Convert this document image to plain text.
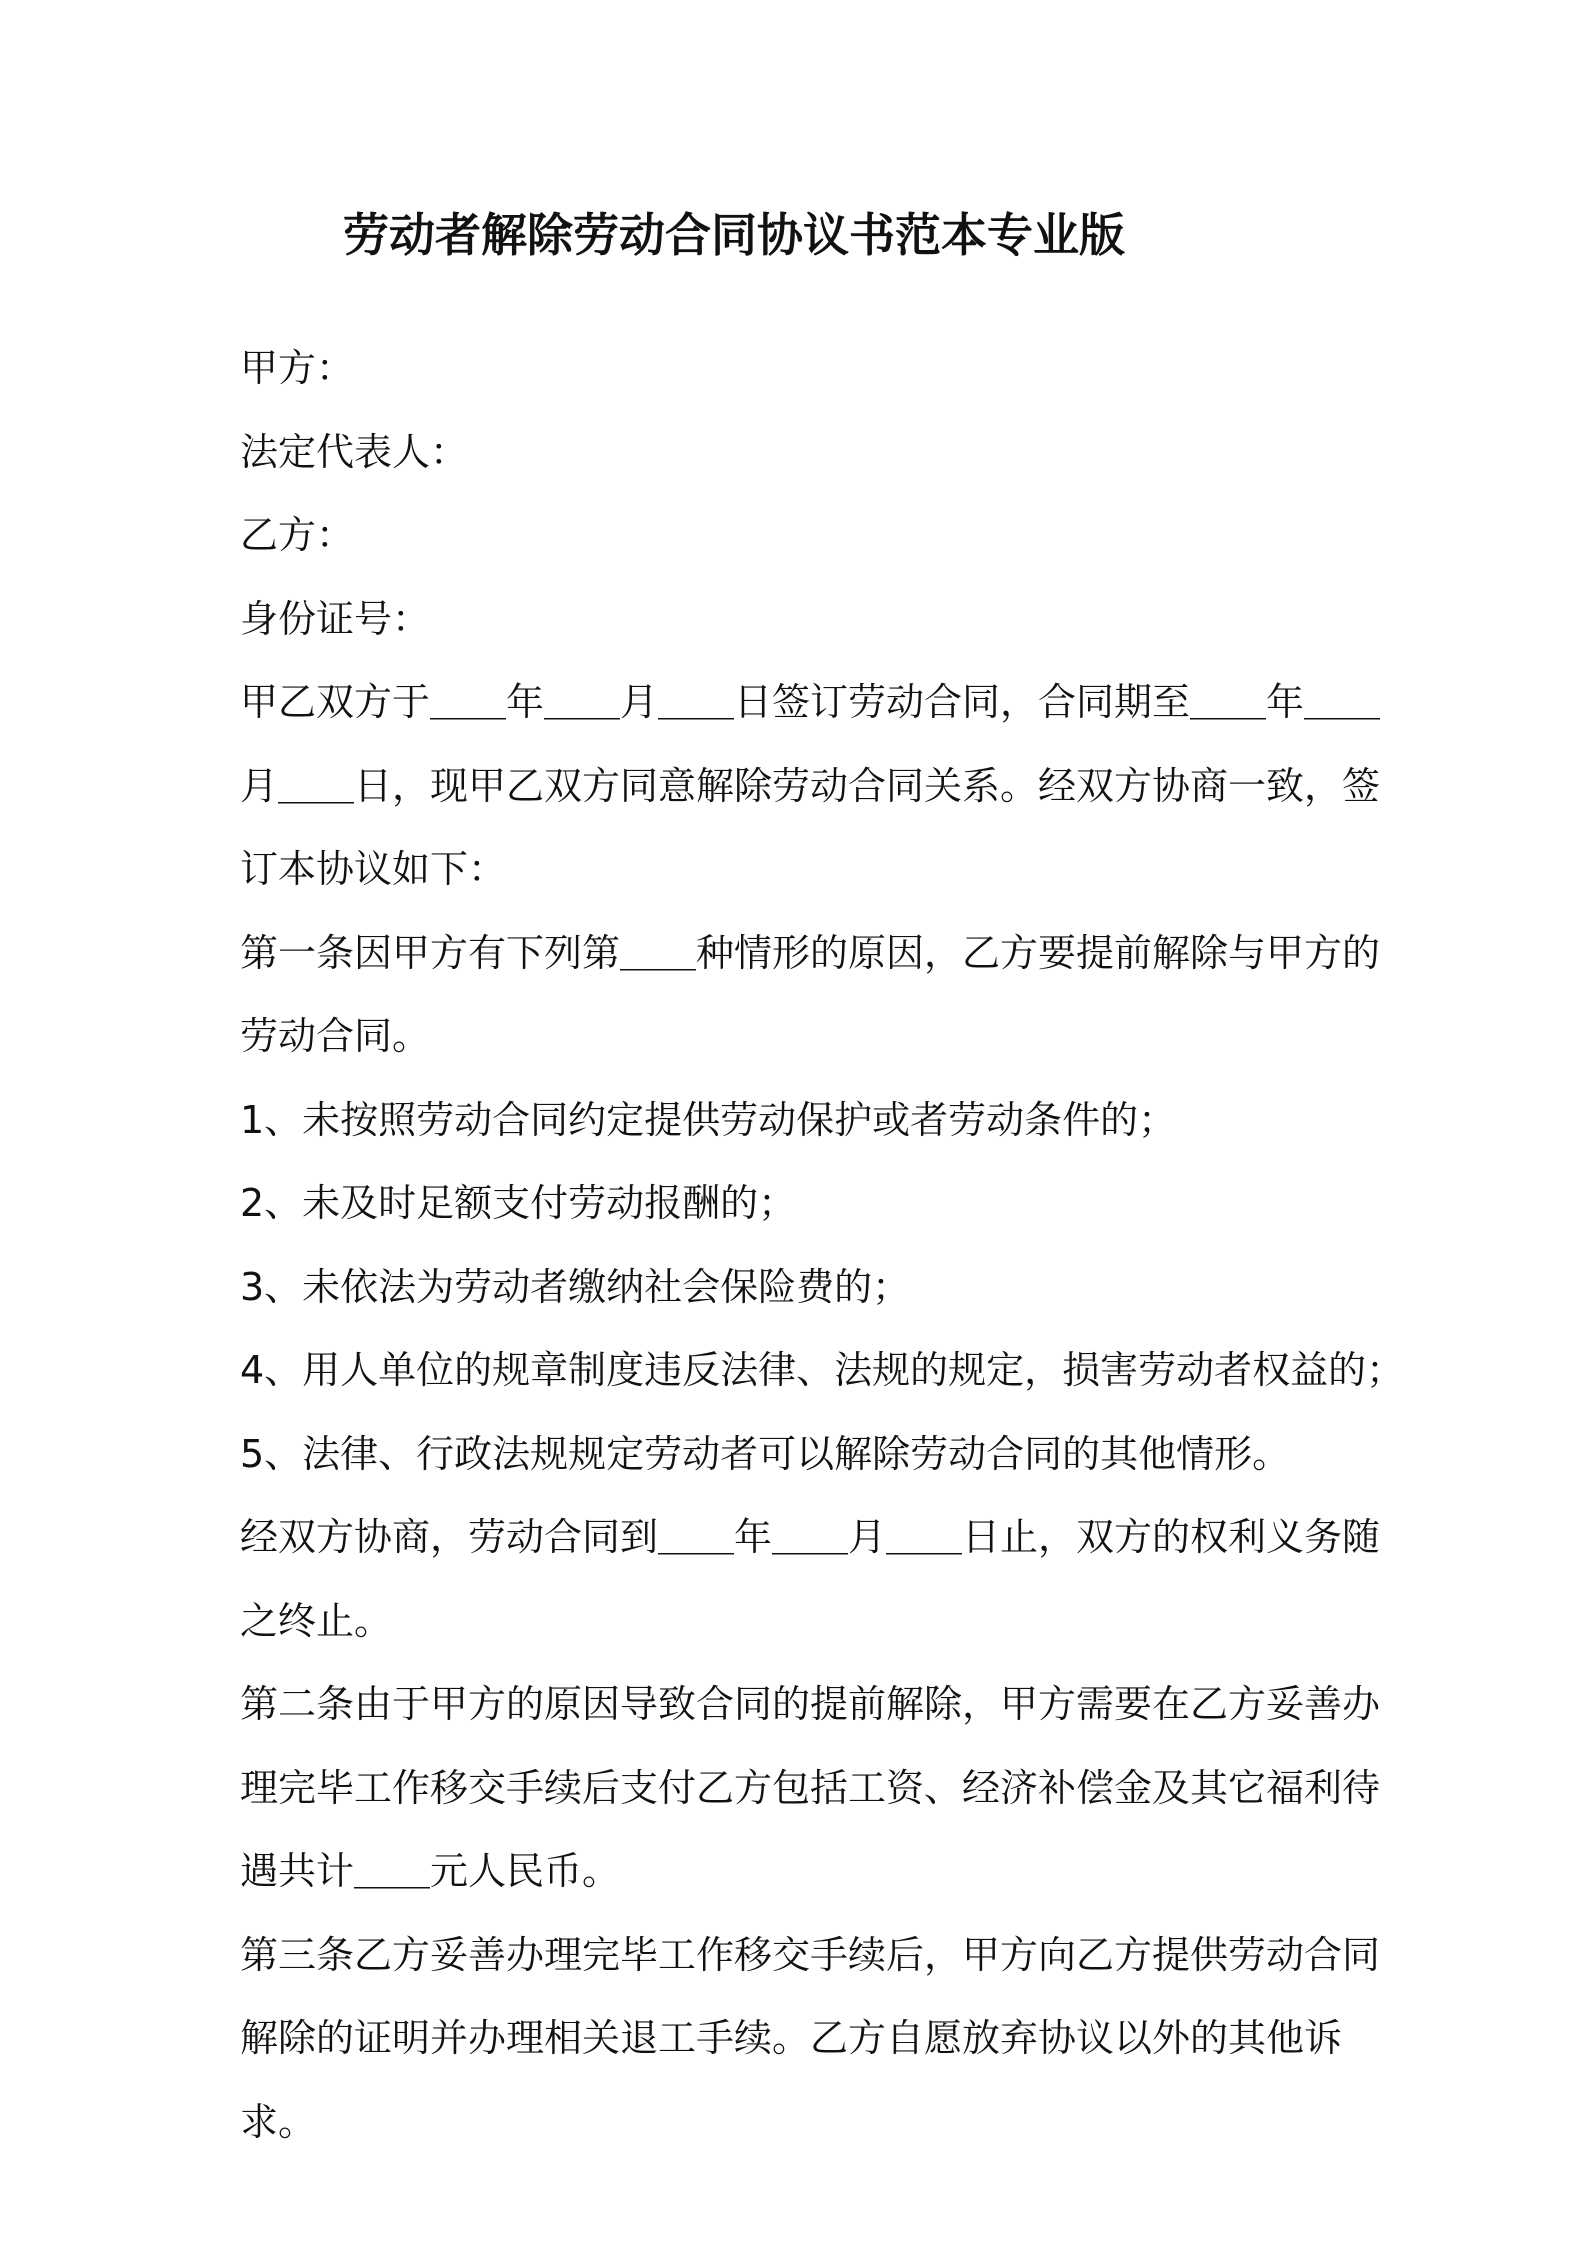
劳动者解除劳动合同协议书范本专业版

甲方：

法定代表人：

乙方：

身份证号：

甲乙双方于＿＿年＿＿月＿＿日签订劳动合同，合同期至＿＿年＿＿月＿＿日，现甲乙双方同意解除劳动合同关系。经双方协商一致，签订本协议如下：

第一条因甲方有下列第＿＿种情形的原因，乙方要提前解除与甲方的劳动合同。

1、未按照劳动合同约定提供劳动保护或者劳动条件的；

2、未及时足额支付劳动报酬的；

3、未依法为劳动者缴纳社会保险费的；

4、用人单位的规章制度违反法律、法规的规定，损害劳动者权益的；

5、法律、行政法规规定劳动者可以解除劳动合同的其他情形。

经双方协商，劳动合同到＿＿年＿＿月＿＿日止，双方的权利义务随之终止。

第二条由于甲方的原因导致合同的提前解除，甲方需要在乙方妥善办理完毕工作移交手续后支付乙方包括工资、经济补偿金及其它福利待遇共计＿＿元人民币。

第三条乙方妥善办理完毕工作移交手续后，甲方向乙方提供劳动合同解除的证明并办理相关退工手续。乙方自愿放弃协议以外的其他诉求。
